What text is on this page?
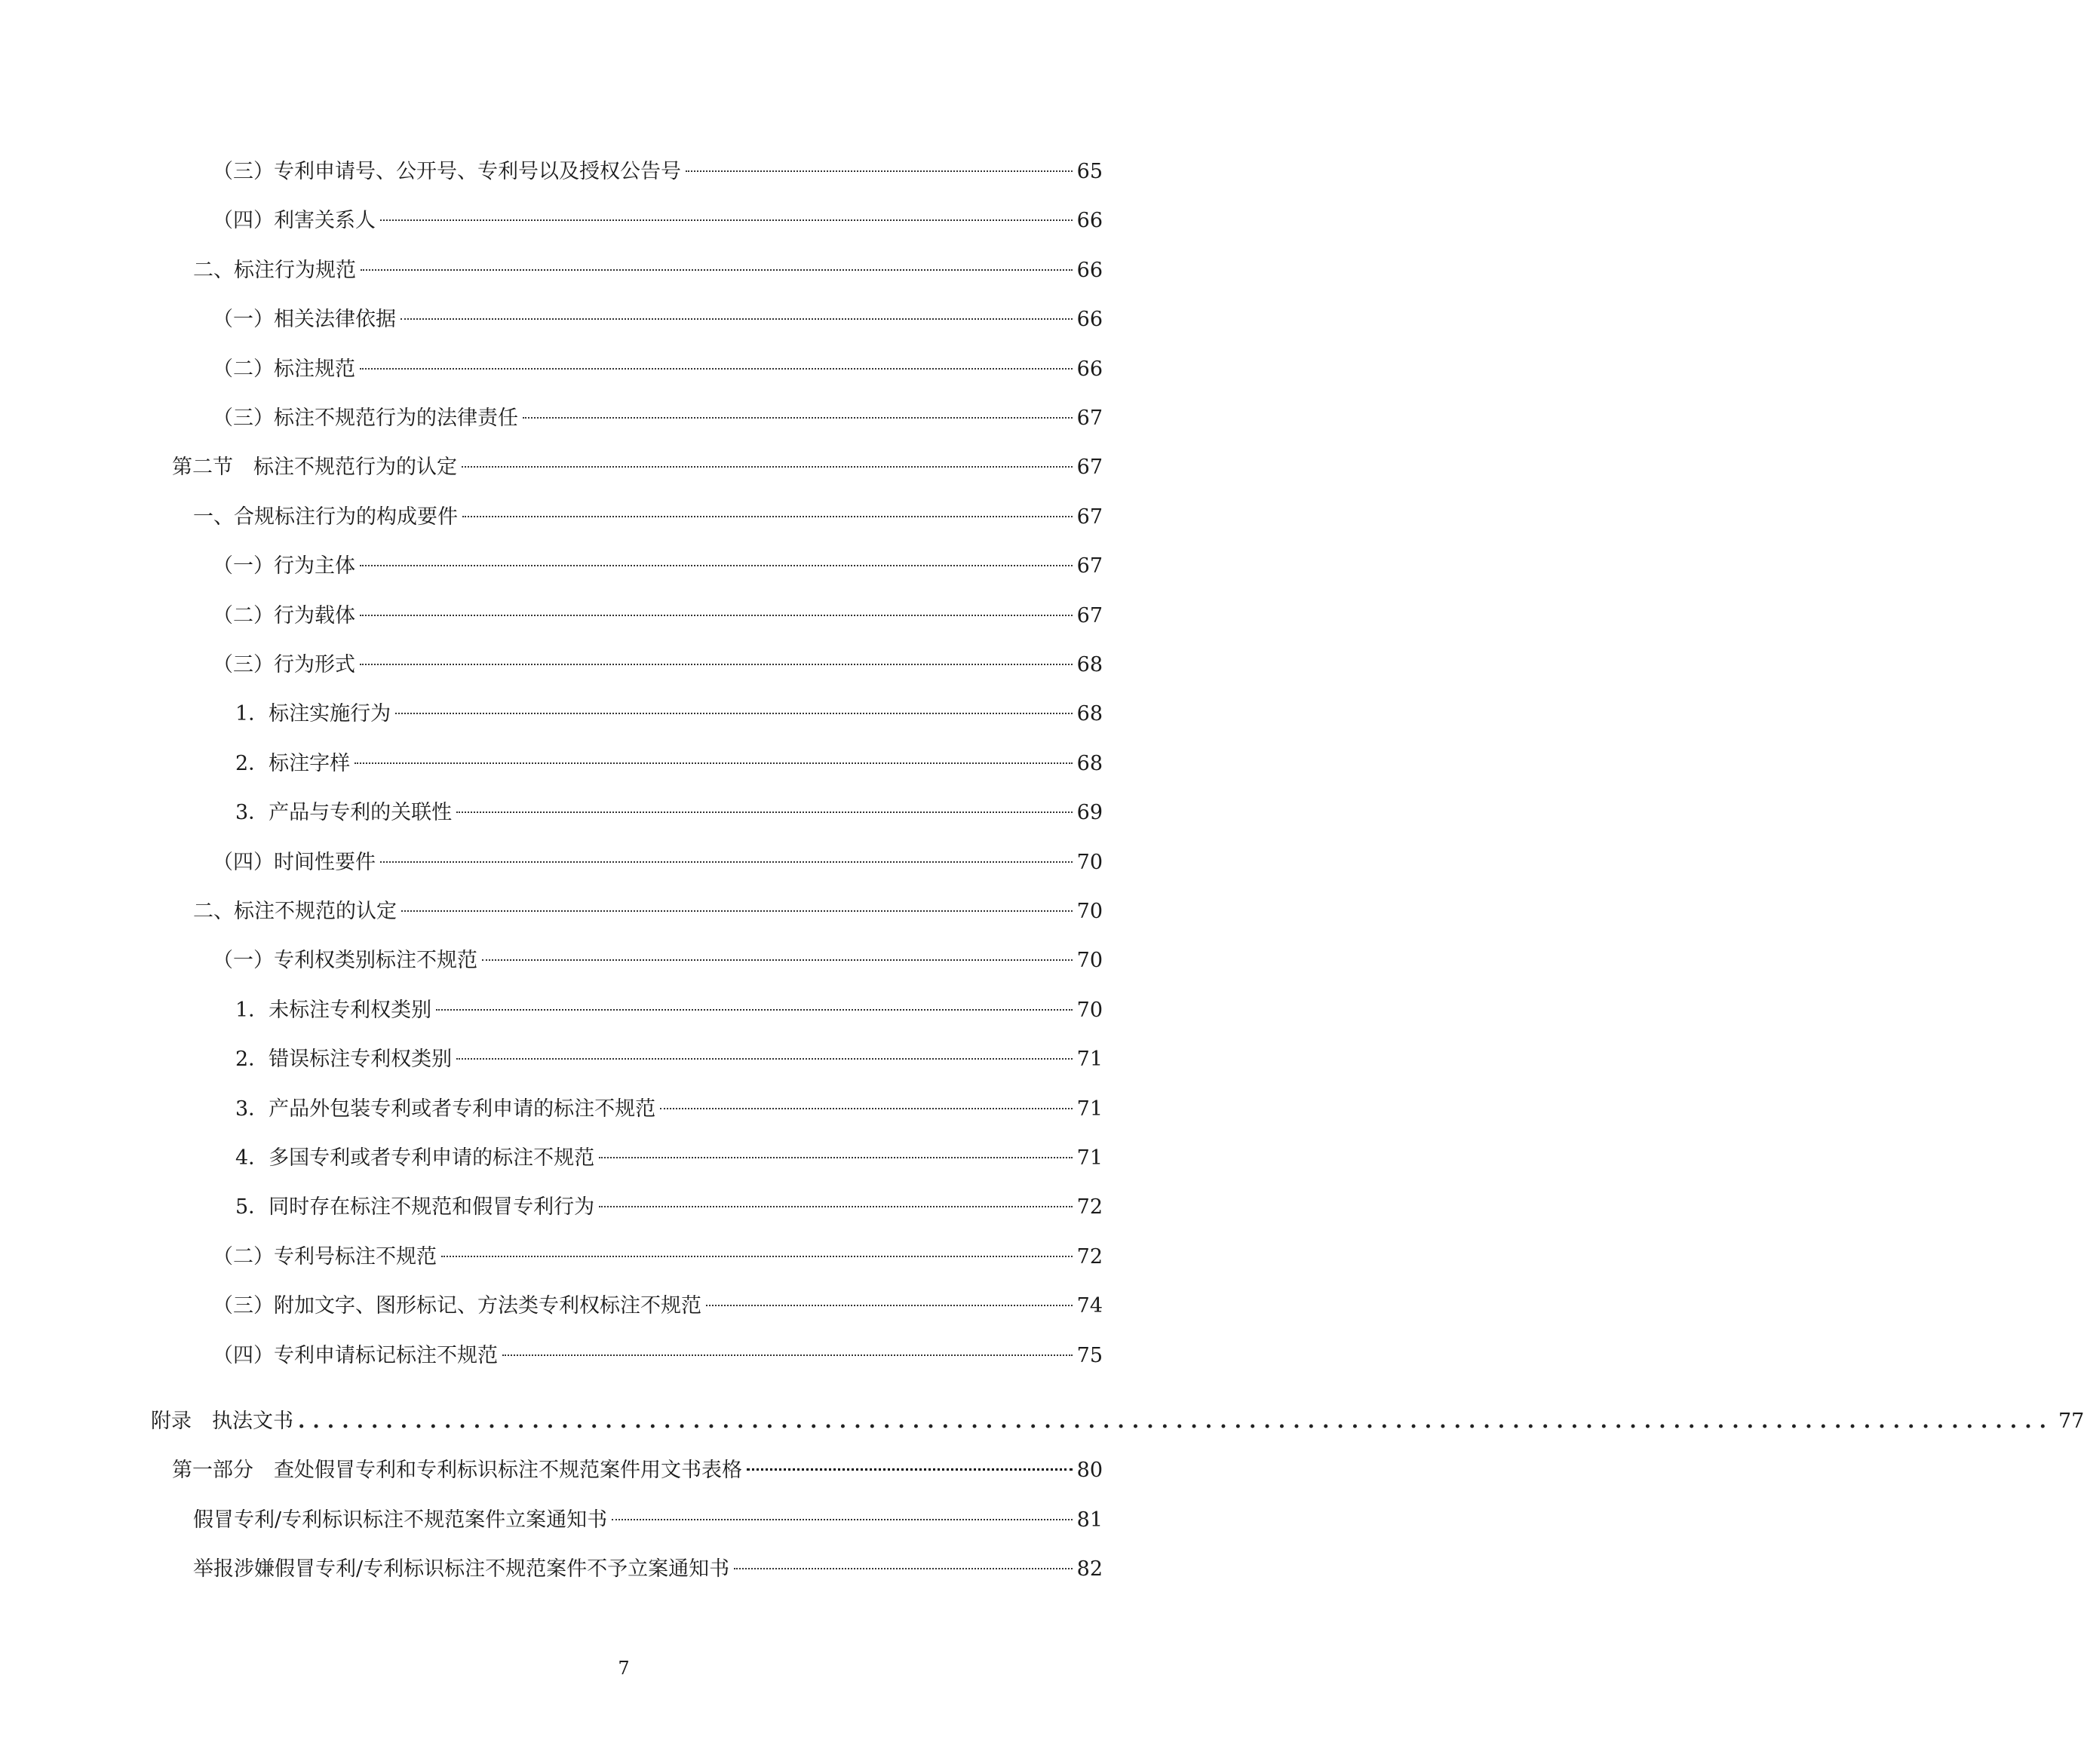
（三）专利申请号、公开号、专利号以及授权公告号	65
（四）利害关系人	66
二、标注行为规范	66
（一）相关法律依据	66
（二）标注规范	66
（三）标注不规范行为的法律责任	67
第二节　标注不规范行为的认定	67
一、合规标注行为的构成要件	67
（一）行为主体	67
（二）行为载体	67
（三）行为形式	68
1．标注实施行为	68
2．标注字样	68
3．产品与专利的关联性	69
（四）时间性要件	70
二、标注不规范的认定	70
（一）专利权类别标注不规范	70
1．未标注专利权类别	70
2．错误标注专利权类别	71
3．产品外包装专利或者专利申请的标注不规范	71
4．多国专利或者专利申请的标注不规范	71
5．同时存在标注不规范和假冒专利行为	72
（二）专利号标注不规范	72
（三）附加文字、图形标记、方法类专利权标注不规范	74
（四）专利申请标记标注不规范	75
附录　执法文书 ........................................................................................................................ 77
第一部分　查处假冒专利和专利标识标注不规范案件用文书表格	80
假冒专利/专利标识标注不规范案件立案通知书	81
举报涉嫌假冒专利/专利标识标注不规范案件不予立案通知书	82
7
